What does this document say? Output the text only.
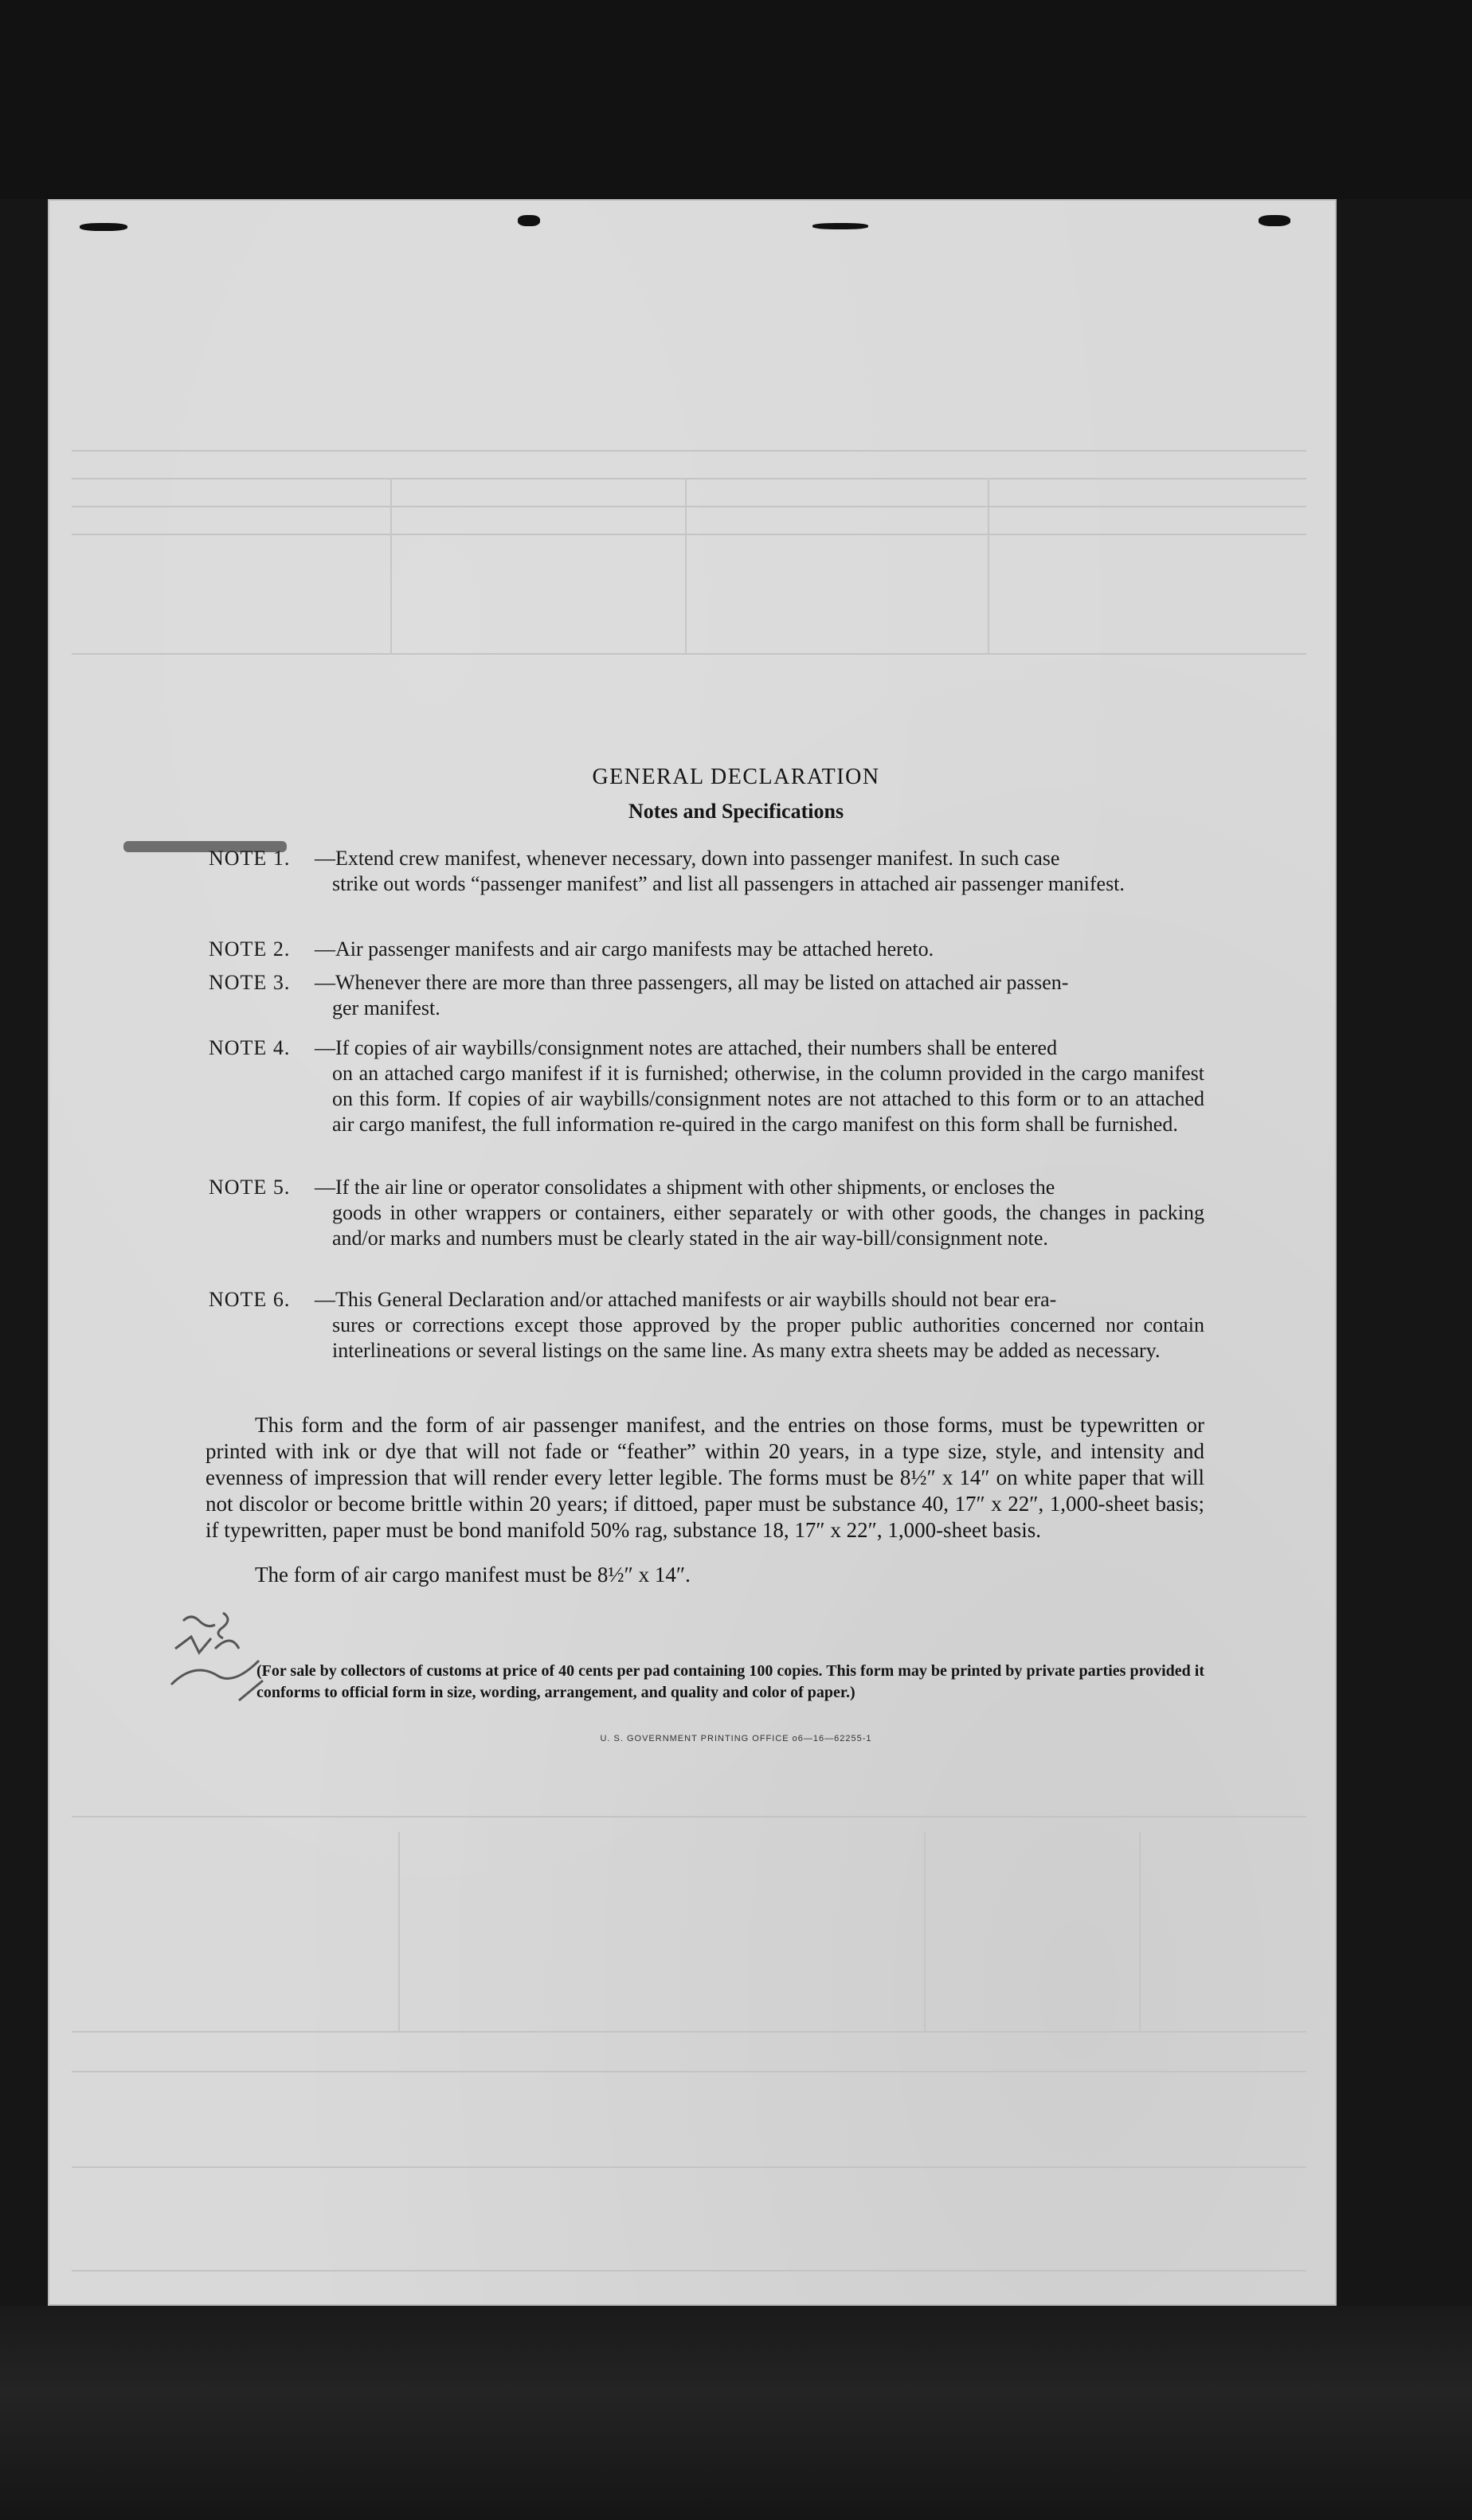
GENERAL DECLARATION
Notes and Specifications
NOTE 1. —Extend crew manifest, whenever necessary, down into passenger manifest. In such case
strike out words “passenger manifest” and list all passengers in attached air passenger manifest.
NOTE 2. —Air passenger manifests and air cargo manifests may be attached hereto.
NOTE 3. —Whenever there are more than three passengers, all may be listed on attached air passen-
ger manifest.
NOTE 4. —If copies of air waybills/consignment notes are attached, their numbers shall be entered
on an attached cargo manifest if it is furnished; otherwise, in the column provided in the cargo manifest on this form. If copies of air waybills/consignment notes are not attached to this form or to an attached air cargo manifest, the full information re-quired in the cargo manifest on this form shall be furnished.
NOTE 5. —If the air line or operator consolidates a shipment with other shipments, or encloses the
goods in other wrappers or containers, either separately or with other goods, the changes in packing and/or marks and numbers must be clearly stated in the air way-bill/consignment note.
NOTE 6. —This General Declaration and/or attached manifests or air waybills should not bear era-
sures or corrections except those approved by the proper public authorities concerned nor contain interlineations or several listings on the same line. As many extra sheets may be added as necessary.
This form and the form of air passenger manifest, and the entries on those forms, must be typewritten or printed with ink or dye that will not fade or “feather” within 20 years, in a type size, style, and intensity and evenness of impression that will render every letter legible. The forms must be 8½″ x 14″ on white paper that will not discolor or become brittle within 20 years; if dittoed, paper must be substance 40, 17″ x 22″, 1,000-sheet basis; if typewritten, paper must be bond manifold 50% rag, substance 18, 17″ x 22″, 1,000-sheet basis.
The form of air cargo manifest must be 8½″ x 14″.
(For sale by collectors of customs at price of 40 cents per pad containing 100 copies. This form may be printed by private parties provided it conforms to official form in size, wording, arrangement, and quality and color of paper.)
U. S. GOVERNMENT PRINTING OFFICE o6—16—62255-1
